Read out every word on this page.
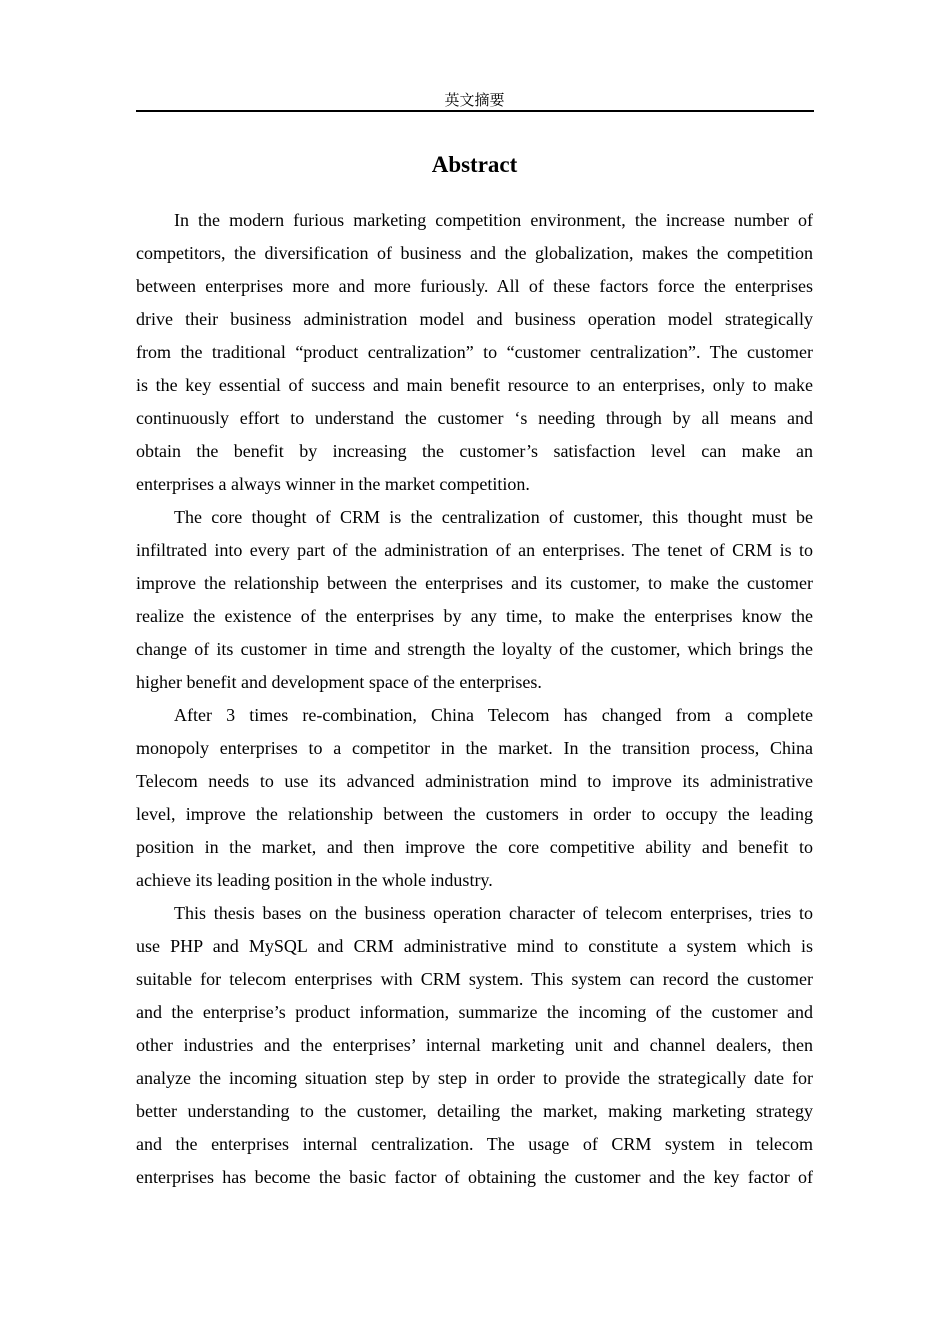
英文摘要
Abstract
In the modern furious marketing competition environment, the increase number of
competitors, the diversification of business and the globalization, makes the competition
between enterprises more and more furiously. All of these factors force the enterprises
drive their business administration model and business operation model strategically
from the traditional “product centralization” to “customer centralization”. The customer
is the key essential of success and main benefit resource to an enterprises, only to make
continuously effort to understand the customer ‘s needing through by all means and
obtain the benefit by increasing the customer’s satisfaction level can make an
enterprises a always winner in the market competition.
The core thought of CRM is the centralization of customer, this thought must be
infiltrated into every part of the administration of an enterprises. The tenet of CRM is to
improve the relationship between the enterprises and its customer, to make the customer
realize the existence of the enterprises by any time, to make the enterprises know the
change of its customer in time and strength the loyalty of the customer, which brings the
higher benefit and development space of the enterprises.
After 3 times re-combination, China Telecom has changed from a complete
monopoly enterprises to a competitor in the market. In the transition process, China
Telecom needs to use its advanced administration mind to improve its administrative
level, improve the relationship between the customers in order to occupy the leading
position in the market, and then improve the core competitive ability and benefit to
achieve its leading position in the whole industry.
This thesis bases on the business operation character of telecom enterprises, tries to
use PHP and MySQL and CRM administrative mind to constitute a system which is
suitable for telecom enterprises with CRM system. This system can record the customer
and the enterprise’s product information, summarize the incoming of the customer and
other industries and the enterprises’ internal marketing unit and channel dealers, then
analyze the incoming situation step by step in order to provide the strategically date for
better understanding to the customer, detailing the market, making marketing strategy
and the enterprises internal centralization. The usage of CRM system in telecom
enterprises has become the basic factor of obtaining the customer and the key factor of
